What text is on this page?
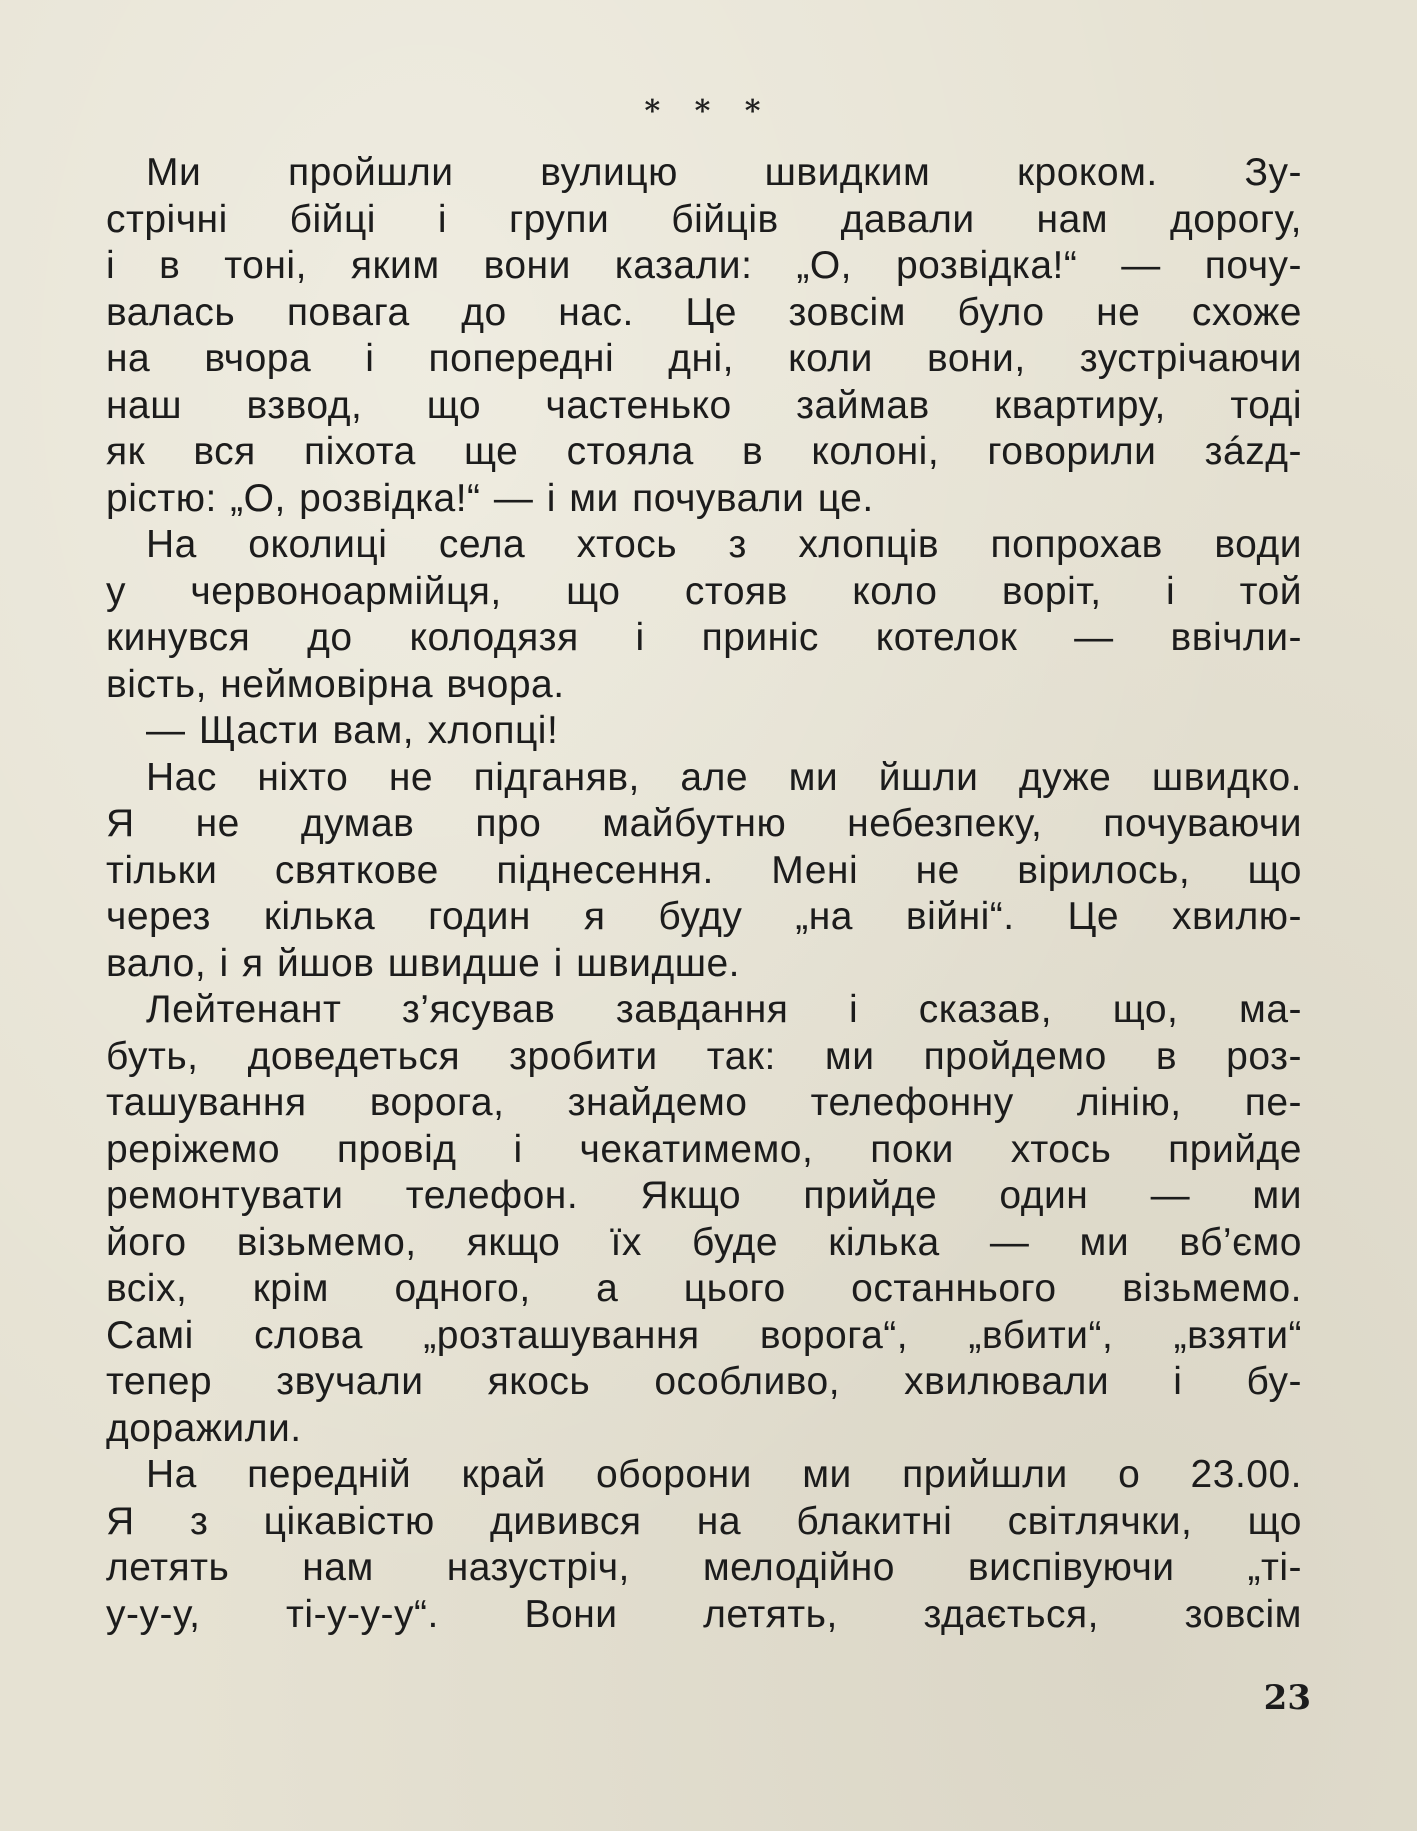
* * *

Ми пройшли вулицю швидким кроком. Зу-
стрічні бійці і групи бійців давали нам дорогу,
і в тоні, яким вони казали: „О, розвідка!“ — почу-
валась повага до нас. Це зовсім було не схоже
на вчора і попередні дні, коли вони, зустрічаючи
наш взвод, що частенько займав квартиру, тоді
як вся піхота ще стояла в колоні, говорили зázд-
рістю: „О, розвідка!“ — і ми почували це.

На околиці села хтось з хлопців попрохав води
у червоноармійця, що стояв коло воріт, і той
кинувся до колодязя і приніс котелок — ввічли-
вість, неймовірна вчора.

— Щасти вам, хлопці!

Нас ніхто не підганяв, але ми йшли дуже швидко.
Я не думав про майбутню небезпеку, почуваючи
тільки святкове піднесення. Мені не вірилось, що
через кілька годин я буду „на війні“. Це хвилю-
вало, і я йшов швидше і швидше.

Лейтенант з’ясував завдання і сказав, що, ма-
буть, доведеться зробити так: ми пройдемо в роз-
ташування ворога, знайдемо телефонну лінію, пе-
реріжемо провід і чекатимемо, поки хтось прийде
ремонтувати телефон. Якщо прийде один — ми
його візьмемо, якщо їх буде кілька — ми вб’ємо
всіх, крім одного, а цього останнього візьмемо.
Самі слова „розташування ворога“, „вбити“, „взяти“
тепер звучали якось особливо, хвилювали і бу-
доражили.

На передній край оборони ми прийшли о 23.00.
Я з цікавістю дивився на блакитні світлячки, що
летять нам назустріч, мелодійно виспівуючи „ті-
у-у-у, ті-у-у-у“. Вони летять, здається, зовсім

23
